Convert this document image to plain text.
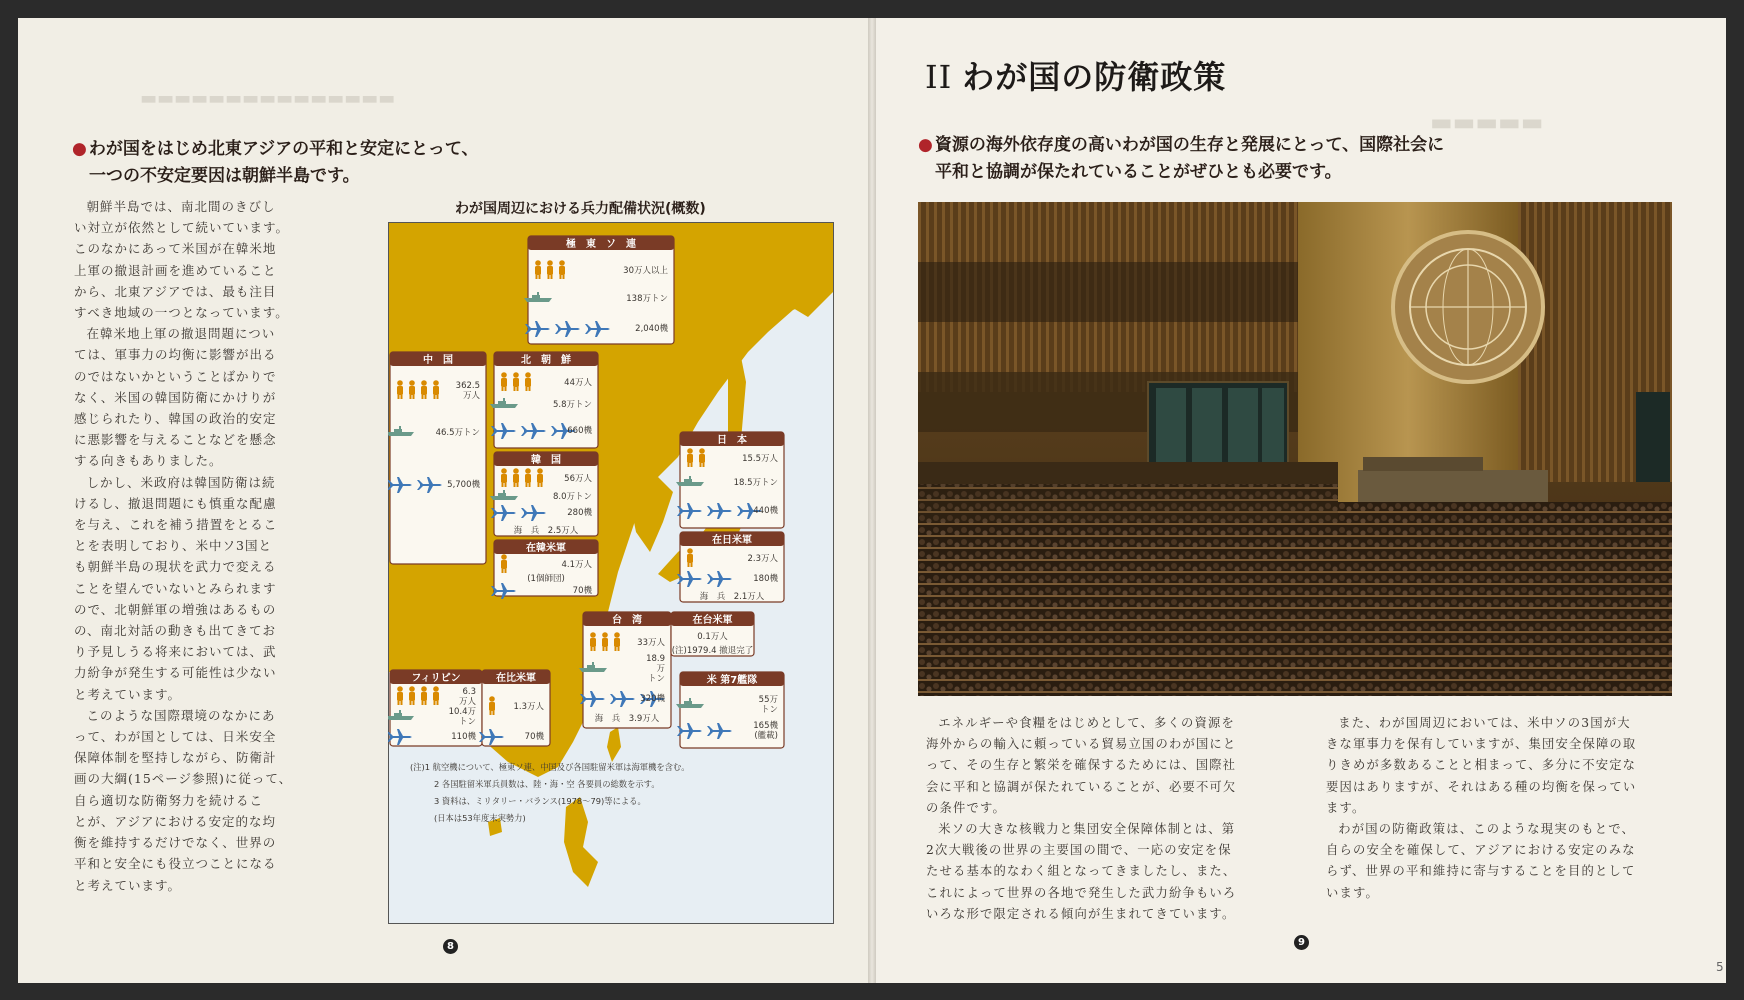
▬▬▬▬▬▬▬▬▬▬▬▬▬▬▬
▬▬▬▬▬
● わが国をはじめ北東アジアの平和と安定にとって、
一つの不安定要因は朝鮮半島です。

朝鮮半島では、南北間のきびし
い対立が依然として続いています。
このなかにあって米国が在韓米地
上軍の撤退計画を進めていること
から、北東アジアでは、最も注目
すべき地域の一つとなっています。

在韓米地上軍の撤退問題につい
ては、軍事力の均衡に影響が出る
のではないかということばかりで
なく、米国の韓国防衛にかけりが
感じられたり、韓国の政治的安定
に悪影響を与えることなどを懸念
する向きもありました。

しかし、米政府は韓国防衛は続
けるし、撤退問題にも慎重な配慮
を与え、これを補う措置をとるこ
とを表明しており、米中ソ3国と
も朝鮮半島の現状を武力で変える
ことを望んでいないとみられます
ので、北朝鮮軍の増強はあるもの
の、南北対話の動きも出てきてお
り予見しうる将来においては、武
力紛争が発生する可能性は少ない
と考えています。

このような国際環境のなかにあ
って、わが国としては、日米安全
保障体制を堅持しながら、防衛計
画の大綱(15ページ参照)に従って、
自ら適切な防衛努力を続けるこ
とが、アジアにおける安定的な均
衡を維持するだけでなく、世界の
平和と安全にも役立つことになる
と考えています。

わが国周辺における兵力配備状況(概数)
極　東　ソ　連
30万人以上
138万トン
2,040機
中　国
362.5
万人
46.5万トン
5,700機
北　朝　鮮
44万人
5.8万トン
660機
韓　国
56万人
8.0万トン
280機
海　兵　2.5万人
在韓米軍
4.1万人
(1個師団)
70機
日　本
15.5万人
18.5万トン
440機
在日米軍
2.3万人
180機
海　兵　2.1万人
台　湾
33万人
18.9
万
トン
320機
海　兵　3.9万人
在台米軍
0.1万人
(注)1979.4 撤退完了
フィリピン
6.3
万人
10.4万
トン
110機
在比米軍
1.3万人
70機
米 第7艦隊
55万
トン
165機
(艦載)
(注)1 航空機について、極東ソ連、中国及び各国駐留米軍は海軍機を含む。
2 各国駐留米軍兵員数は、陸・海・空 各要員の総数を示す。
3 資料は、ミリタリー・バランス(1978〜79)等による。
(日本は53年度末実勢力)
8
II わが国の防衛政策
● 資源の海外依存度の高いわが国の生存と発展にとって、国際社会に
平和と協調が保たれていることがぜひとも必要です。

エネルギーや食糧をはじめとして、多くの資源を
海外からの輸入に頼っている貿易立国のわが国にと
って、その生存と繁栄を確保するためには、国際社
会に平和と協調が保たれていることが、必要不可欠
の条件です。

米ソの大きな核戦力と集団安全保障体制とは、第
2次大戦後の世界の主要国の間で、一応の安定を保
たせる基本的なわく組となってきましたし、また、
これによって世界の各地で発生した武力紛争もいろ
いろな形で限定される傾向が生まれてきています。

また、わが国周辺においては、米中ソの3国が大
きな軍事力を保有していますが、集団安全保障の取
りきめが多数あることと相まって、多分に不安定な
要因はありますが、それはある種の均衡を保ってい
ます。

わが国の防衛政策は、このような現実のもとで、
自らの安全を確保して、アジアにおける安定のみな
らず、世界の平和維持に寄与することを目的として
います。

9
5
